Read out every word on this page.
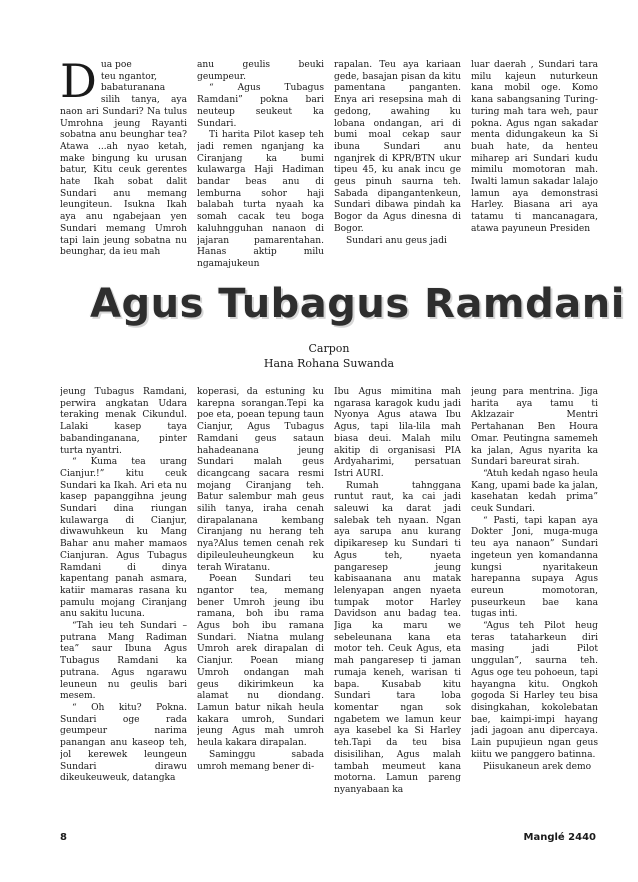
D ua poe
teu ngantor,
babaturanana silih tanya, aya naon ari Sundari? Na tulus Umrohna jeung Rayanti sobatna anu beunghar tea? Atawa ...ah nyao ketah, make bingung ku urusan batur, Kitu ceuk gerentes hate Ikah sobat dalit Sundari anu memang leungiteun. Isukna Ikah aya anu ngabejaan yen Sundari memang Umroh tapi lain jeung sobatna nu beunghar, da ieu mah

anu geulis beuki geumpeur.

“ Agus Tubagus Ramdani” pokna bari neuteup seukeut ka Sundari.

Ti harita Pilot kasep teh jadi remen nganjang ka Ciranjang ka bumi kulawarga Haji Hadiman bandar beas anu di lemburna sohor haji balabah turta nyaah ka somah cacak teu boga kaluhngguhan nanaon di jajaran pamarentahan. Hanas aktip milu ngamajukeun

rapalan. Teu aya kariaan gede, basajan pisan da kitu pamentana panganten. Enya ari resepsina mah di gedong, awahing ku lobana ondangan, ari di bumi moal cekap saur ibuna Sundari anu nganjrek di KPR/BTN ukur tipeu 45, ku anak incu ge geus pinuh saurna teh. Sabada dipangantenkeun, Sundari dibawa pindah ka Bogor da Agus dinesna di Bogor.

Sundari anu geus jadi

luar daerah , Sundari tara milu kajeun nuturkeun kana mobil oge. Komo kana sabangsaning Turing-turing mah tara weh, paur pokna. Agus ngan sakadar menta didungakeun ka Si buah hate, da henteu miharep ari Sundari kudu mimilu momotoran mah. Iwalti lamun sakadar lalajo lamun aya demonstrasi Harley. Biasana ari aya tatamu ti mancanagara, atawa payuneun Presiden

Agus Tubagus Ramdani
Carpon
Hana Rohana Suwanda

jeung Tubagus Ramdani, perwira angkatan Udara teraking menak Cikundul. Lalaki kasep taya babandinganana, pinter turta nyantri.

“ Kuma tea urang Cianjur.!” kitu ceuk Sundari ka Ikah. Ari eta nu kasep papanggihna jeung Sundari dina riungan kulawarga di Cianjur, diwawuhkeun ku Mang Bahar anu maher mamaos Cianjuran. Agus Tubagus Ramdani di dinya kapentang panah asmara, katiir mamaras rasana ku pamulu mojang Ciranjang anu sakitu lucuna.

“Tah ieu teh Sundari – putrana Mang Radiman tea” saur Ibuna Agus Tubagus Ramdani ka putrana. Agus ngarawu leuneun nu geulis bari mesem.

“ Oh kitu? Pokna. Sundari oge rada geumpeur narima panangan anu kaseop teh, jol kerewek leungeun Sundari dirawu dikeukeuweuk, datangka

koperasi, da estuning ku karepna sorangan.Tepi ka poe eta, poean tepung taun Cianjur, Agus Tubagus Ramdani geus sataun hahadeanana jeung Sundari malah geus dicangcang sacara resmi mojang Ciranjang teh. Batur salembur mah geus silih tanya, iraha cenah dirapalanana kembang Ciranjang nu herang teh nya?Alus temen cenah rek dipileuleuheungkeun ku terah Wiratanu.

Poean Sundari teu ngantor tea, memang bener Umroh jeung ibu ramana, boh ibu rama Agus boh ibu ramana Sundari. Niatna mulang Umroh arek dirapalan di Cianjur. Poean miang Umroh ondangan mah geus dikirimkeun ka alamat nu diondang. Lamun batur nikah heula kakara umroh, Sundari jeung Agus mah umroh heula kakara dirapalan.

Saminggu sabada umroh memang bener di-

Ibu Agus mimitina mah ngarasa karagok kudu jadi Nyonya Agus atawa Ibu Agus, tapi lila-lila mah biasa deui. Malah milu akitip di organisasi PIA Ardyaharimi, persatuan Istri AURI.

Rumah tahnggana runtut raut, ka cai jadi saleuwi ka darat jadi salebak teh nyaan. Ngan aya sarupa anu kurang dipikaresep ku Sundari ti Agus teh, nyaeta pangaresep jeung kabisaanana anu matak lelenyapan angen nyaeta tumpak motor Harley Davidson anu badag tea. Jiga ka maru we sebeleunana kana eta motor teh. Ceuk Agus, eta mah pangaresep ti jaman rumaja keneh, warisan ti bapa. Kusabab kitu Sundari tara loba komentar ngan sok ngabetem we lamun keur aya kasebel ka Si Harley teh.Tapi da teu bisa disisilihan, Agus malah tambah meumeut kana motorna. Lamun pareng nyanyabaan ka

jeung para mentrina. Jiga harita aya tamu ti Aklzazair Mentri Pertahanan Ben Houra Omar. Peutingna samemeh ka jalan, Agus nyarita ka Sundari bareurat sirah.

“Atuh kedah ngaso heula Kang, upami bade ka jalan, kasehatan kedah prima” ceuk Sundari.

“ Pasti, tapi kapan aya Dokter Joni, muga-muga teu aya nanaon” Sundari ingeteun yen komandanna kungsi nyaritakeun harepanna supaya Agus eureun momotoran, puseurkeun bae kana tugas inti.

“Agus teh Pilot heug teras tataharkeun diri masing jadi Pilot unggulan”, saurna teh. Agus oge teu pohoeun, tapi hayangna kitu. Ongkoh gogoda Si Harley teu bisa disingkahan, kokolebatan bae, kaimpi-impi hayang jadi jagoan anu dipercaya. Lain pupujieun ngan geus kiitu we panggero batinna.

Piisukaneun arek demo

8	Manglé 2440
